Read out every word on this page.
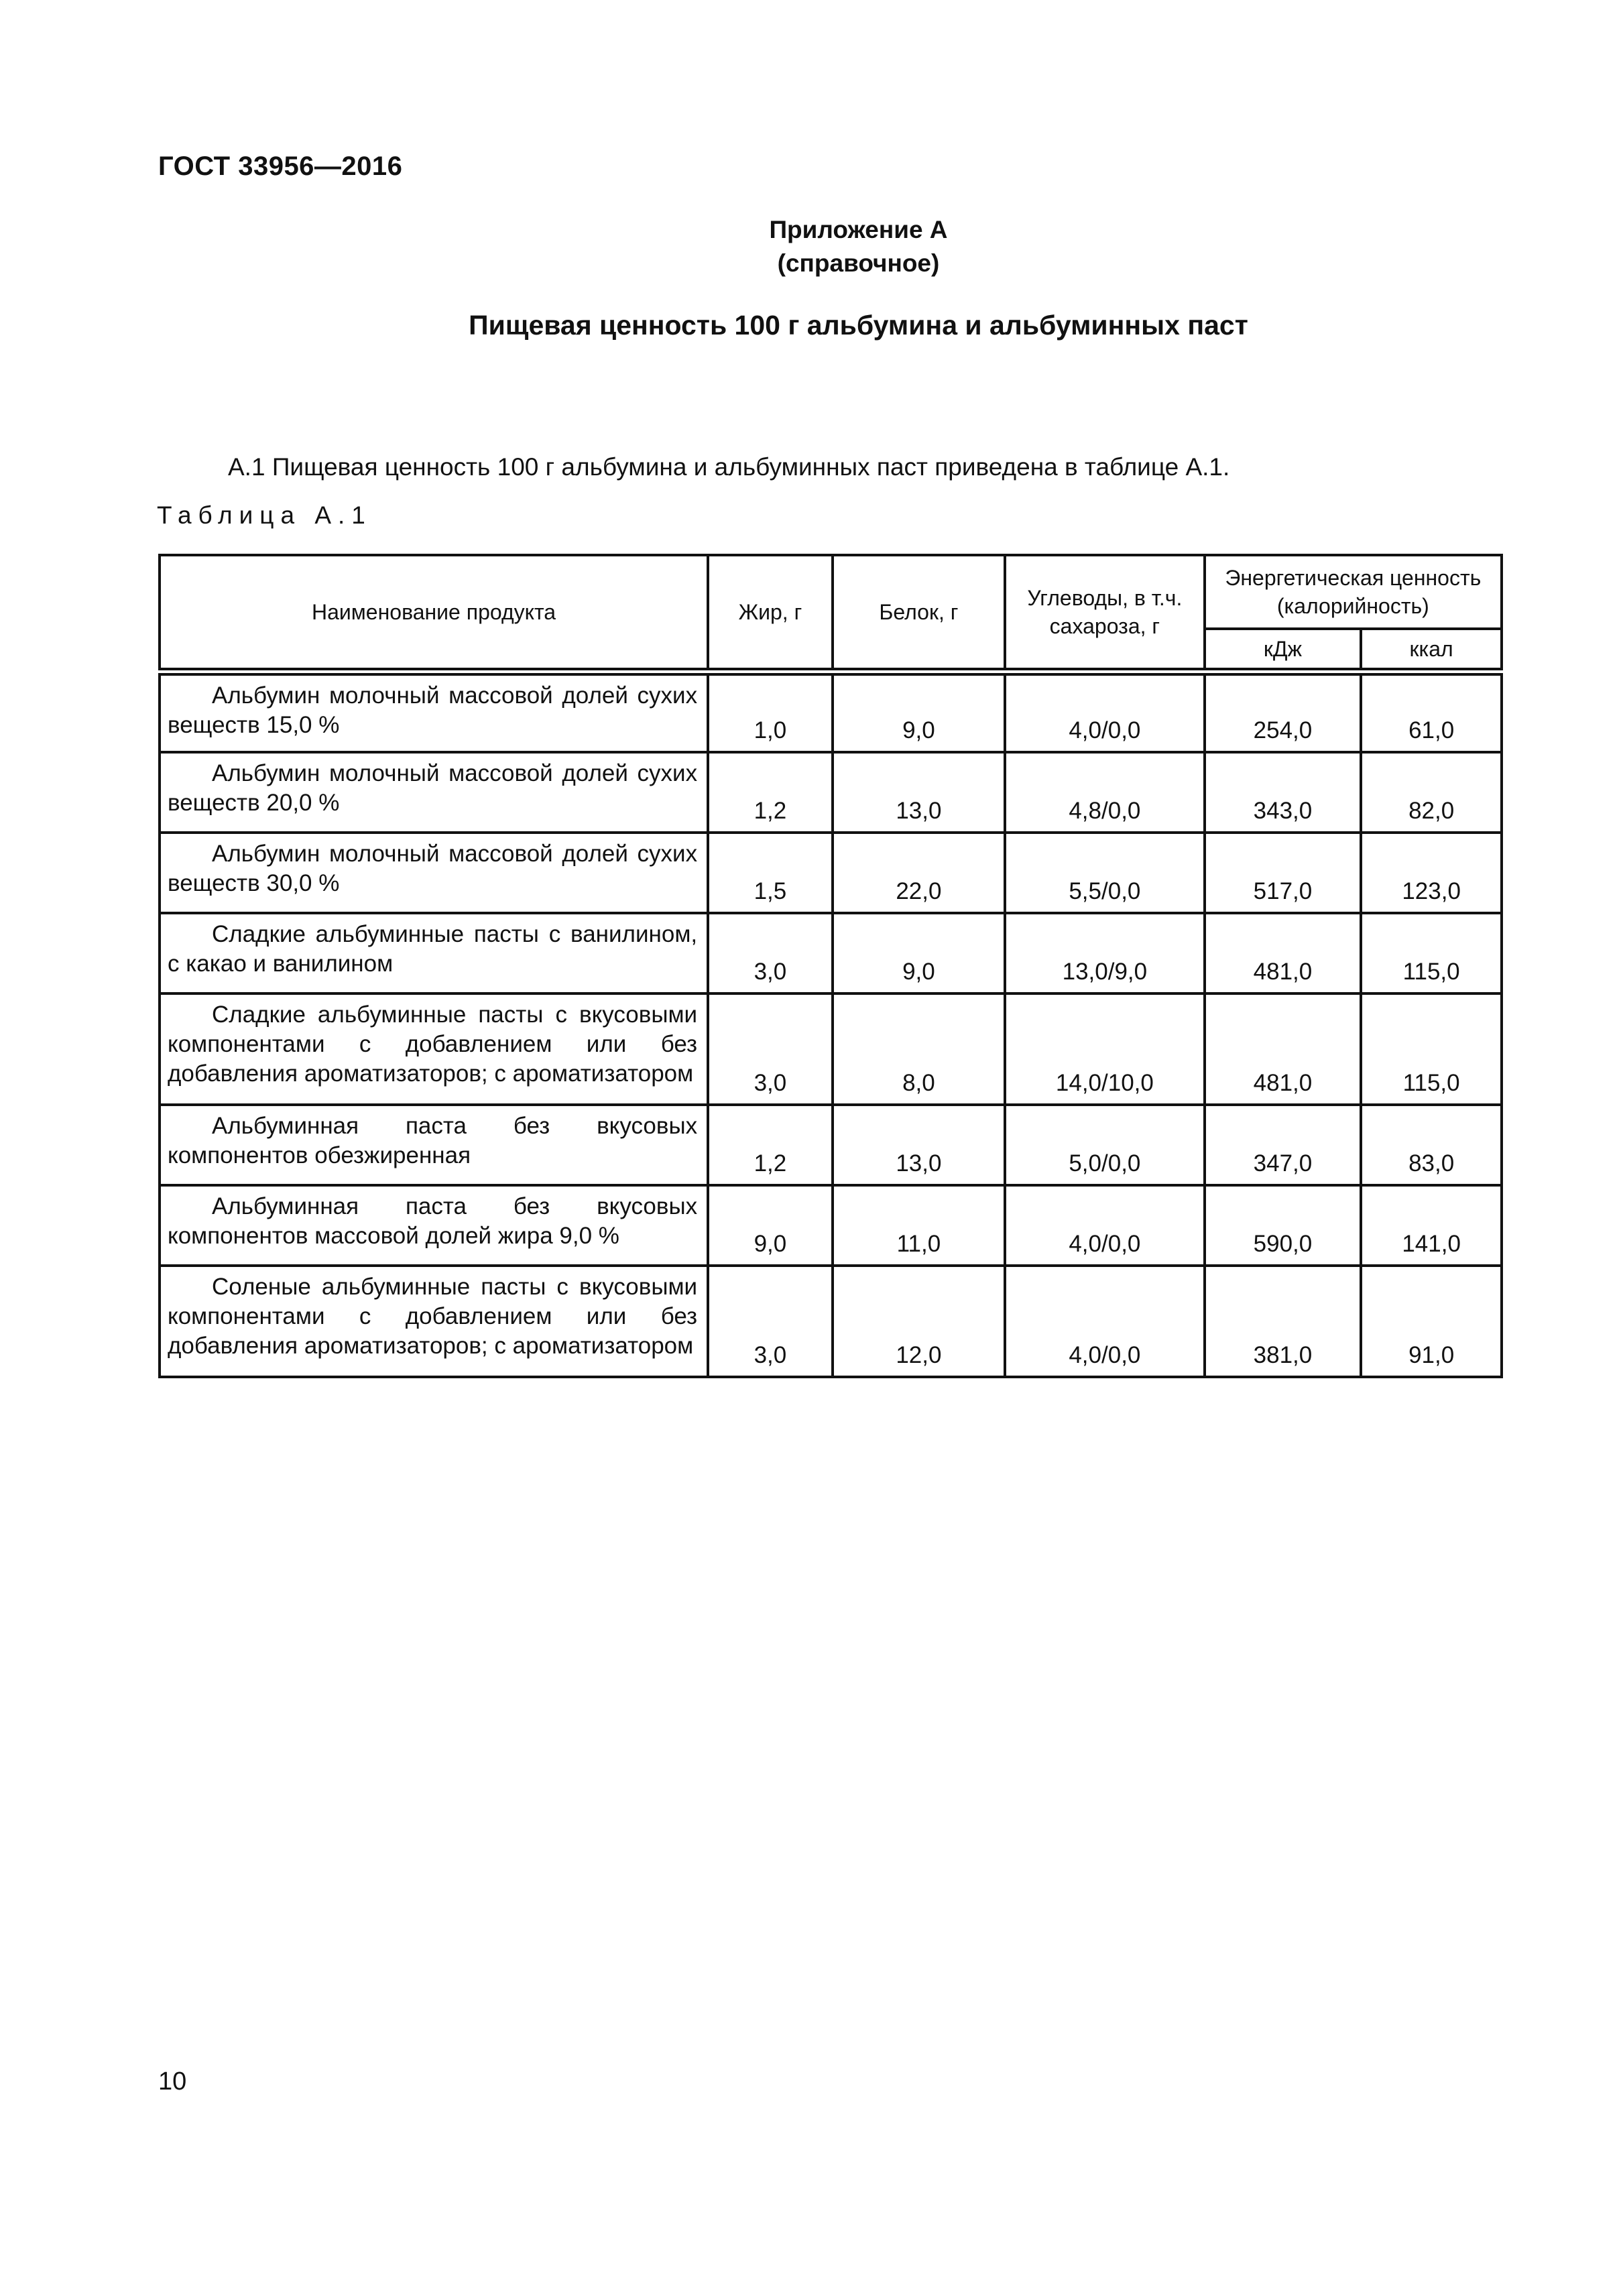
ГОСТ 33956—2016
Приложение А
(справочное)
Пищевая ценность 100 г альбумина и альбуминных паст
А.1 Пищевая ценность 100 г альбумина и альбуминных паст приведена в таблице А.1.
Таблица А.1
Наименование продукта	Жир, г	Белок, г	Углеводы, в т.ч. сахароза, г	Энергетическая ценность (калорийность)	
				кДж	ккал
Альбумин молочный массовой долей сухих веществ 15,0 %	1,0	9,0	4,0/0,0	254,0	61,0
Альбумин молочный массовой долей сухих веществ 20,0 %	1,2	13,0	4,8/0,0	343,0	82,0
Альбумин молочный массовой долей сухих веществ 30,0 %	1,5	22,0	5,5/0,0	517,0	123,0
Сладкие альбуминные пасты с ванилином, с какао и ванилином	3,0	9,0	13,0/9,0	481,0	115,0
Сладкие альбуминные пасты с вкусовыми компонентами с добавлением или без добавления ароматизаторов; с ароматизатором	3,0	8,0	14,0/10,0	481,0	115,0
Альбуминная паста без вкусовых компонентов обезжиренная	1,2	13,0	5,0/0,0	347,0	83,0
Альбуминная паста без вкусовых компонентов массовой долей жира 9,0 %	9,0	11,0	4,0/0,0	590,0	141,0
Соленые альбуминные пасты с вкусовыми компонентами с добавлением или без добавления ароматизаторов; с ароматизатором	3,0	12,0	4,0/0,0	381,0	91,0
10
